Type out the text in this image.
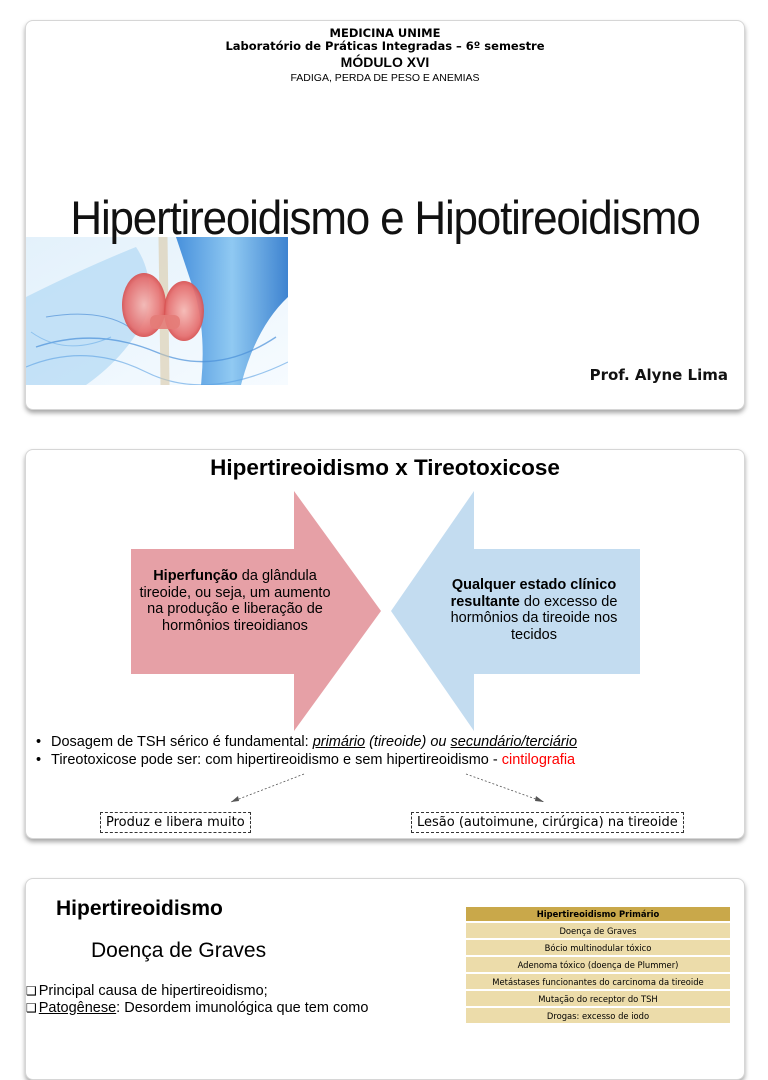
MEDICINA UNIME
Laboratório de Práticas Integradas – 6º semestre
MÓDULO XVI
FADIGA, PERDA DE PESO E ANEMIAS
Hipertireoidismo e Hipotireoidismo
Prof. Alyne Lima
Hipertireoidismo x Tireotoxicose
Hiperfunção da glândula tireoide, ou seja, um aumento na produção e liberação de hormônios tireoidianos
Qualquer estado clínico resultante do excesso de hormônios da tireoide nos tecidos
• Dosagem de TSH sérico é fundamental: primário (tireoide) ou secundário/terciário
• Tireotoxicose pode ser: com hipertireoidismo e sem hipertireoidismo - cintilografia
Produz e libera muito	Lesão (autoimune, cirúrgica) na tireoide
Hipertireoidismo
Doença de Graves
❑ Principal causa de hipertireoidismo;
❑ Patogênese: Desordem imunológica que tem como
Hipertireoidismo Primário
Doença de Graves
Bócio multinodular tóxico
Adenoma tóxico (doença de Plummer)
Metástases funcionantes do carcinoma da tireoide
Mutação do receptor do TSH
Drogas: excesso de iodo
